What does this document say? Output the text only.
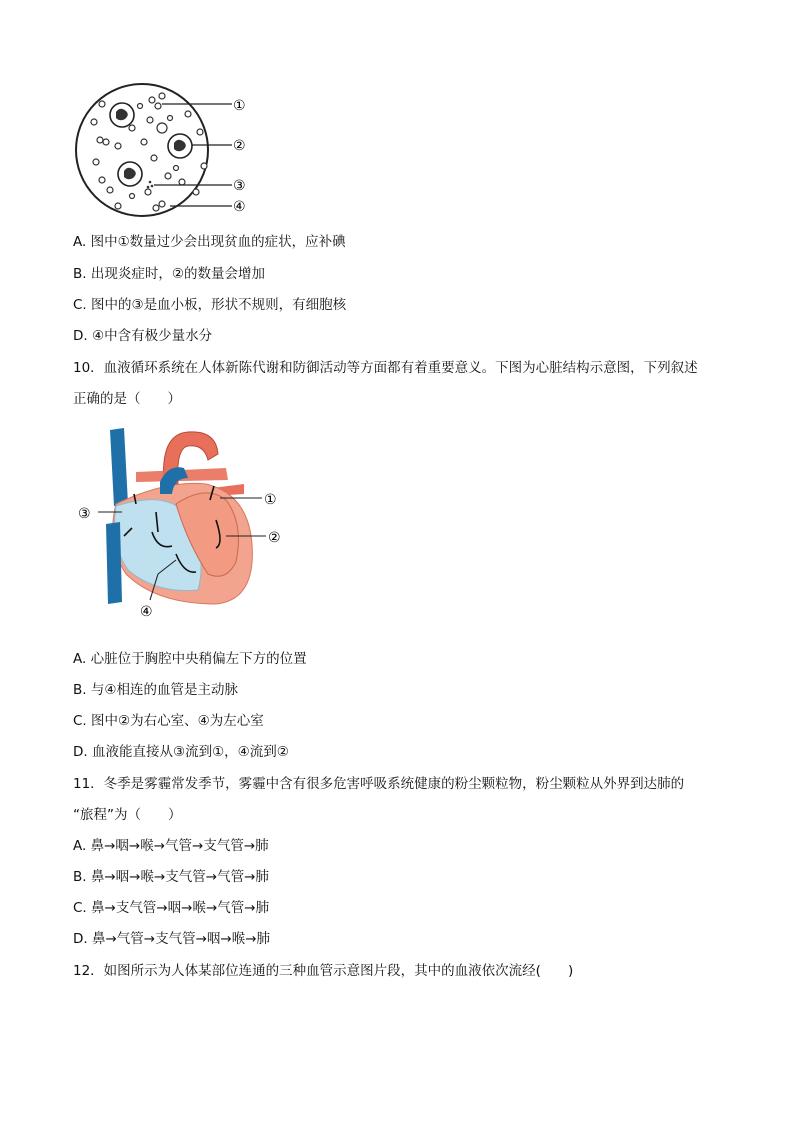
①
②
③
④
A. 图中①数量过少会出现贫血的症状，应补碘
B. 出现炎症时，②的数量会增加
C. 图中的③是血小板，形状不规则，有细胞核
D. ④中含有极少量水分
10．血液循环系统在人体新陈代谢和防御活动等方面都有着重要意义。下图为心脏结构示意图，下列叙述
正确的是（　　）
③
①
②
④
A. 心脏位于胸腔中央稍偏左下方的位置
B. 与④相连的血管是主动脉
C. 图中②为右心室、④为左心室
D. 血液能直接从③流到①，④流到②
11．冬季是雾霾常发季节，雾霾中含有很多危害呼吸系统健康的粉尘颗粒物，粉尘颗粒从外界到达肺的
“旅程”为（　　）
A. 鼻→咽→喉→气管→支气管→肺
B. 鼻→咽→喉→支气管→气管→肺
C. 鼻→支气管→咽→喉→气管→肺
D. 鼻→气管→支气管→咽→喉→肺
12．如图所示为人体某部位连通的三种血管示意图片段，其中的血液依次流经(　　)
